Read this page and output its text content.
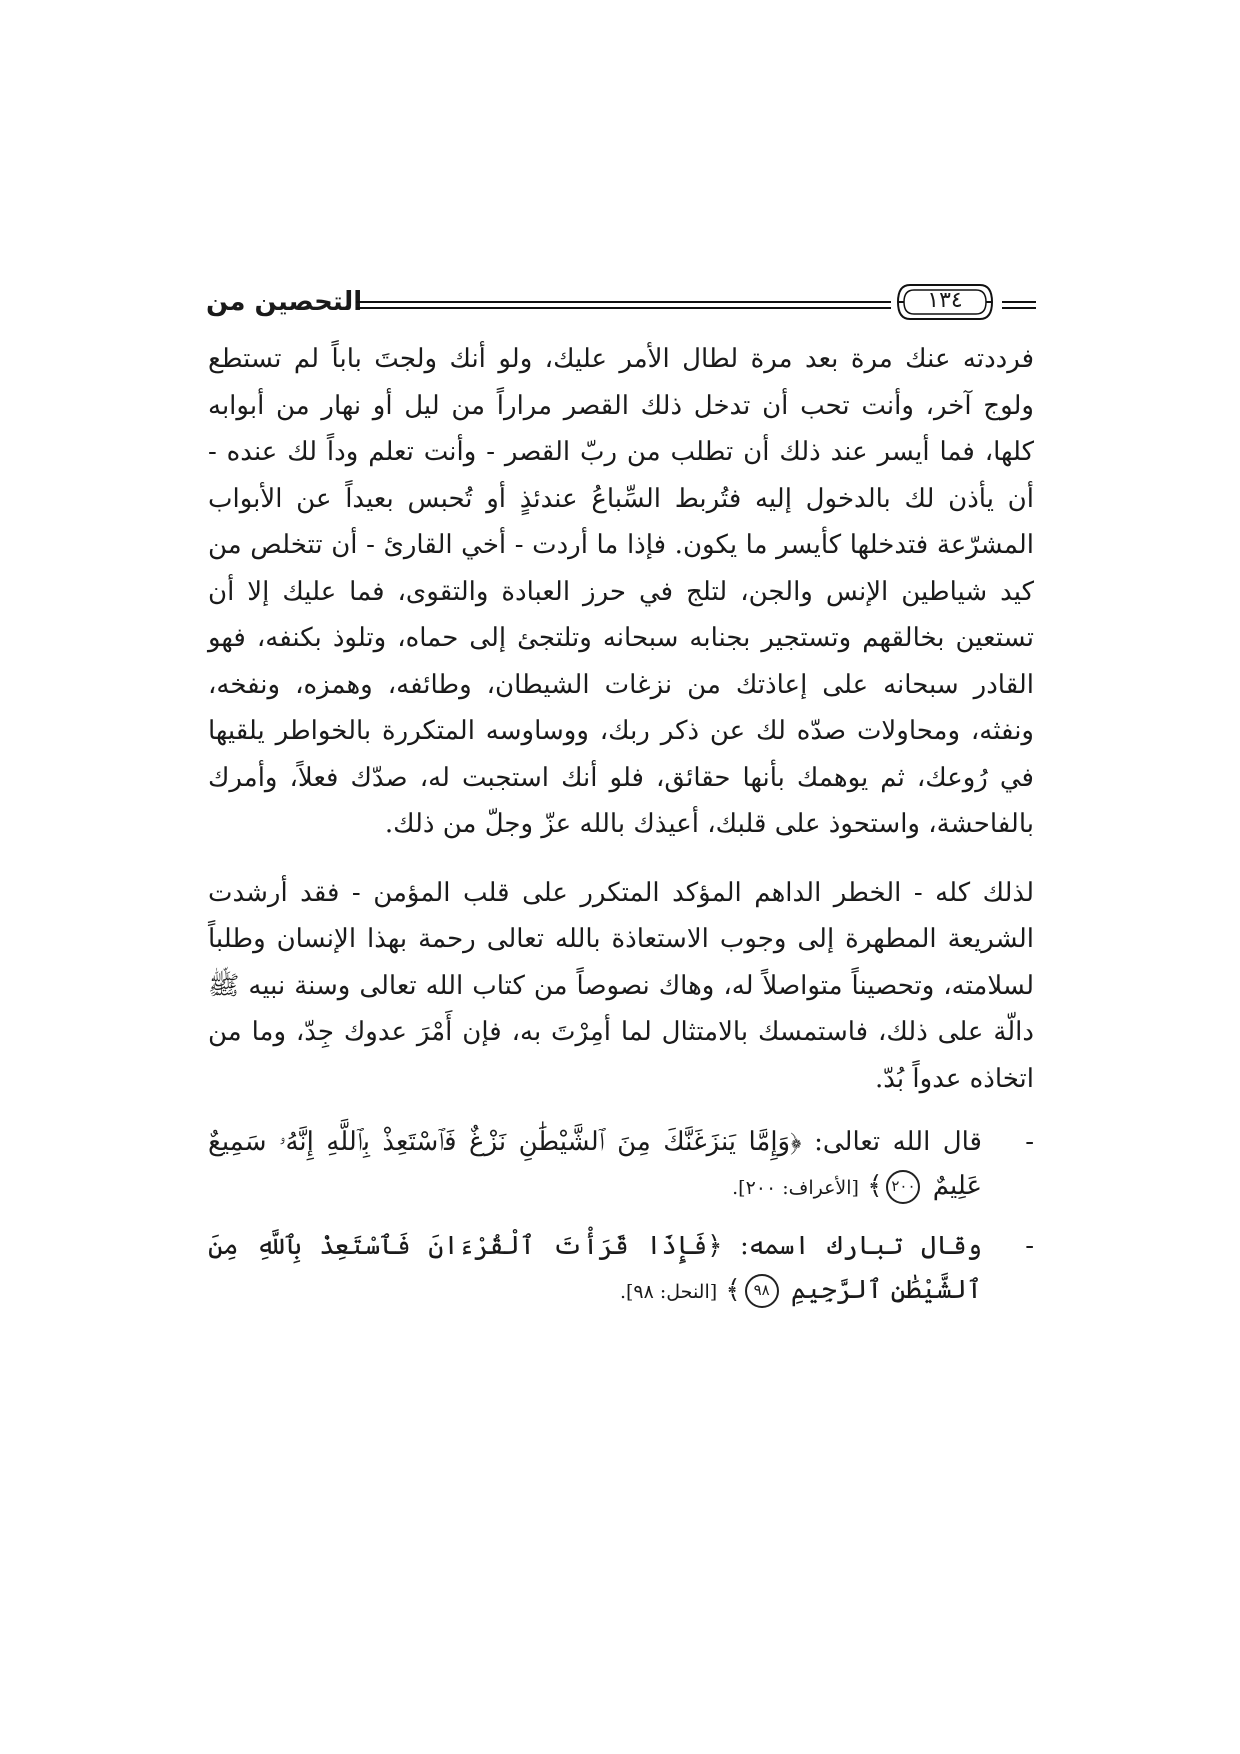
التحصين من	١٣٤

فرددته عنك مرة بعد مرة لطال الأمر عليك، ولو أنك ولجتَ باباً لم تستطع ولوج آخر، وأنت تحب أن تدخل ذلك القصر مراراً من ليل أو نهار من أبوابه كلها، فما أيسر عند ذلك أن تطلب من ربّ القصر - وأنت تعلم وداً لك عنده - أن يأذن لك بالدخول إليه فتُربط السِّباعُ عندئذٍ أو تُحبس بعيداً عن الأبواب المشرّعة فتدخلها كأيسر ما يكون. فإذا ما أردت - أخي القارئ - أن تتخلص من كيد شياطين الإنس والجن، لتلج في حرز العبادة والتقوى، فما عليك إلا أن تستعين بخالقهم وتستجير بجنابه سبحانه وتلتجئ إلى حماه، وتلوذ بكنفه، فهو القادر سبحانه على إعاذتك من نزغات الشيطان، وطائفه، وهمزه، ونفخه، ونفثه، ومحاولات صدّه لك عن ذكر ربك، ووساوسه المتكررة بالخواطر يلقيها في رُوعك، ثم يوهمك بأنها حقائق، فلو أنك استجبت له، صدّك فعلاً، وأمرك بالفاحشة، واستحوذ على قلبك، أعيذك بالله عزّ وجلّ من ذلك.

لذلك كله - الخطر الداهم المؤكد المتكرر على قلب المؤمن - فقد أرشدت الشريعة المطهرة إلى وجوب الاستعاذة بالله تعالى رحمة بهذا الإنسان وطلباً لسلامته، وتحصيناً متواصلاً له، وهاك نصوصاً من كتاب الله تعالى وسنة نبيه ﷺ دالّة على ذلك، فاستمسك بالامتثال لما أمِرْتَ به، فإن أَمْرَ عدوك جِدّ، وما من اتخاذه عدواً بُدّ.

-
قال الله تعالى: ﴿وَإِمَّا يَنزَغَنَّكَ مِنَ ٱلشَّيْطَٰنِ نَزْغٌ فَٱسْتَعِذْ بِٱللَّهِ إِنَّهُۥ سَمِيعٌ عَلِيمٌ ٢٠٠﴾ [الأعراف: ٢٠٠].
-
وقال تبارك اسمه: ﴿فَإِذَا قَرَأْتَ ٱلْقُرْءَانَ فَٱسْتَعِذْ بِٱللَّهِ مِنَ ٱلشَّيْطَٰنِ ٱلرَّجِيمِ ٩٨﴾ [النحل: ٩٨].
